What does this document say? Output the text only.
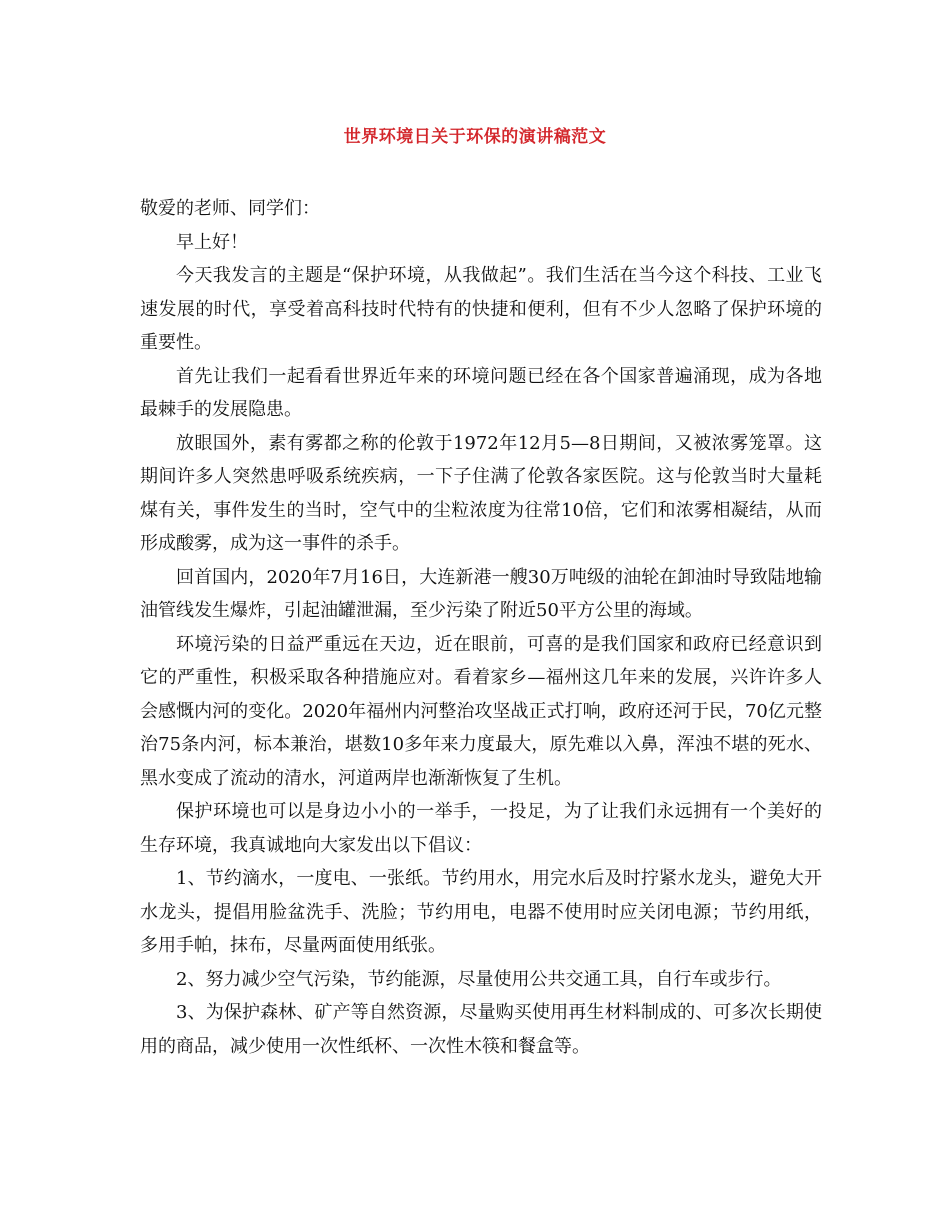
世界环境日关于环保的演讲稿范文

敬爱的老师、同学们：

早上好！

今天我发言的主题是“保护环境，从我做起”。我们生活在当今这个科技、工业飞速发展的时代，享受着高科技时代特有的快捷和便利，但有不少人忽略了保护环境的重要性。

首先让我们一起看看世界近年来的环境问题已经在各个国家普遍涌现，成为各地最棘手的发展隐患。

放眼国外，素有雾都之称的伦敦于1972年12月5—8日期间，又被浓雾笼罩。这期间许多人突然患呼吸系统疾病，一下子住满了伦敦各家医院。这与伦敦当时大量耗煤有关，事件发生的当时，空气中的尘粒浓度为往常10倍，它们和浓雾相凝结，从而形成酸雾，成为这一事件的杀手。

回首国内，2020年7月16日，大连新港一艘30万吨级的油轮在卸油时导致陆地输油管线发生爆炸，引起油罐泄漏，至少污染了附近50平方公里的海域。

环境污染的日益严重远在天边，近在眼前，可喜的是我们国家和政府已经意识到它的严重性，积极采取各种措施应对。看着家乡—福州这几年来的发展，兴许许多人会感慨内河的变化。2020年福州内河整治攻坚战正式打响，政府还河于民，70亿元整治75条内河，标本兼治，堪数10多年来力度最大，原先难以入鼻，浑浊不堪的死水、黑水变成了流动的清水，河道两岸也渐渐恢复了生机。

保护环境也可以是身边小小的一举手，一投足，为了让我们永远拥有一个美好的生存环境，我真诚地向大家发出以下倡议：

1、节约滴水，一度电、一张纸。节约用水，用完水后及时拧紧水龙头，避免大开水龙头，提倡用脸盆洗手、洗脸；节约用电，电器不使用时应关闭电源；节约用纸，多用手帕，抹布，尽量两面使用纸张。

2、努力减少空气污染，节约能源，尽量使用公共交通工具，自行车或步行。

3、为保护森林、矿产等自然资源，尽量购买使用再生材料制成的、可多次长期使用的商品，减少使用一次性纸杯、一次性木筷和餐盒等。
